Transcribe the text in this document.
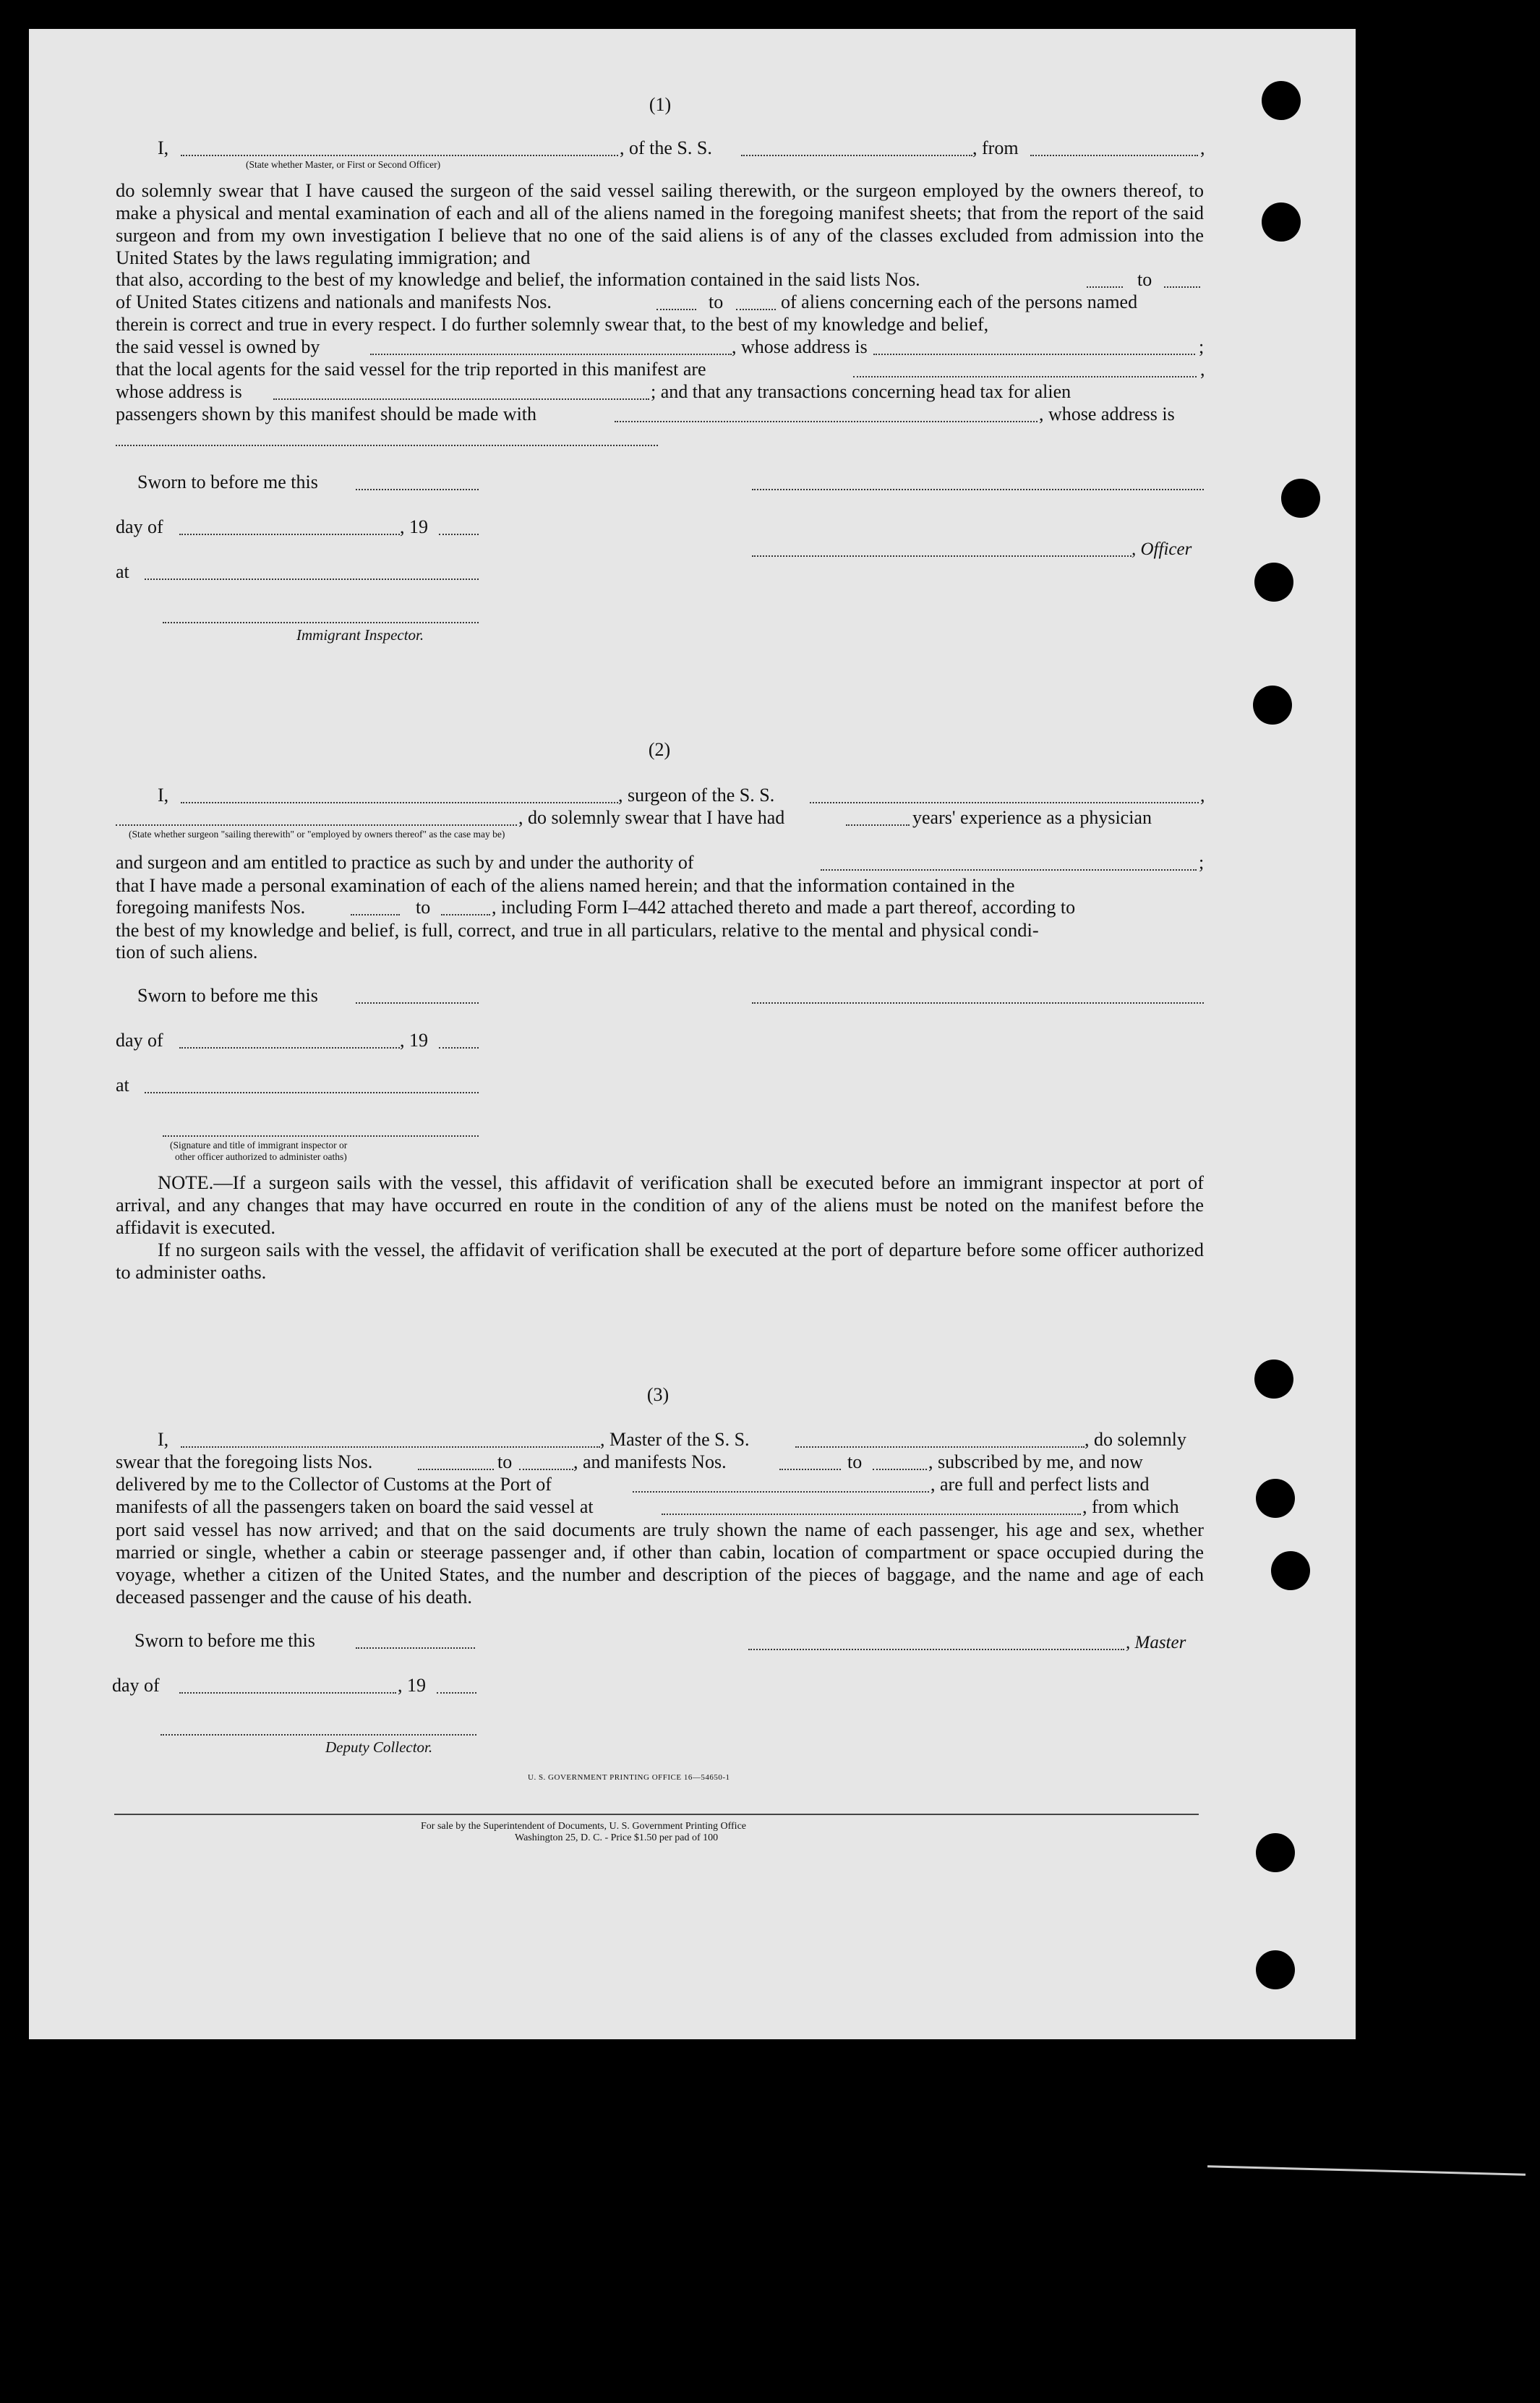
(1)
I,	, of the S. S.	, from	,
(State whether Master, or First or Second Officer)
do solemnly swear that I have caused the surgeon of the said vessel sailing therewith, or the surgeon employed by the owners thereof, to make a physical and mental examination of each and all of the aliens named in the foregoing manifest sheets; that from the report of the said surgeon and from my own investigation I believe that no one of the said aliens is of any of the classes excluded from admission into the United States by the laws regulating immigration; and
that also, according to the best of my knowledge and belief, the information contained in the said lists Nos.	to
of United States citizens and nationals and manifests Nos.	to	of aliens concerning each of the persons named
therein is correct and true in every respect. I do further solemnly swear that, to the best of my knowledge and belief,
the said vessel is owned by	, whose address is	;
that the local agents for the said vessel for the trip reported in this manifest are	,
whose address is	; and that any transactions concerning head tax for alien
passengers shown by this manifest should be made with	, whose address is
Sworn to before me this
day of	, 19
, Officer
at
Immigrant Inspector.
(2)
I,	, surgeon of the S. S.	,
, do solemnly swear that I have had	years' experience as a physician
(State whether surgeon "sailing therewith" or "employed by owners thereof" as the case may be)
and surgeon and am entitled to practice as such by and under the authority of	;
that I have made a personal examination of each of the aliens named herein; and that the information contained in the
foregoing manifests Nos.	to	, including Form I–442 attached thereto and made a part thereof, according to
the best of my knowledge and belief, is full, correct, and true in all particulars, relative to the mental and physical condi-
tion of such aliens.
Sworn to before me this
day of	, 19
at
(Signature and title of immigrant inspector or
other officer authorized to administer oaths)
NOTE.—If a surgeon sails with the vessel, this affidavit of verification shall be executed before an immigrant inspector at port of arrival, and any changes that may have occurred en route in the condition of any of the aliens must be noted on the manifest before the affidavit is executed.
If no surgeon sails with the vessel, the affidavit of verification shall be executed at the port of departure before some officer authorized to administer oaths.
(3)
I,	, Master of the S. S.	, do solemnly
swear that the foregoing lists Nos.	to	, and manifests Nos.	to	, subscribed by me, and now
delivered by me to the Collector of Customs at the Port of	, are full and perfect lists and
manifests of all the passengers taken on board the said vessel at	, from which
port said vessel has now arrived; and that on the said documents are truly shown the name of each passenger, his age and sex, whether married or single, whether a cabin or steerage passenger and, if other than cabin, location of compartment or space occupied during the voyage, whether a citizen of the United States, and the number and description of the pieces of baggage, and the name and age of each deceased passenger and the cause of his death.
Sworn to before me this	, Master
day of	, 19
Deputy Collector.
U. S. GOVERNMENT PRINTING OFFICE 16—54650-1
For sale by the Superintendent of Documents, U. S. Government Printing Office
Washington 25, D. C. - Price $1.50 per pad of 100
